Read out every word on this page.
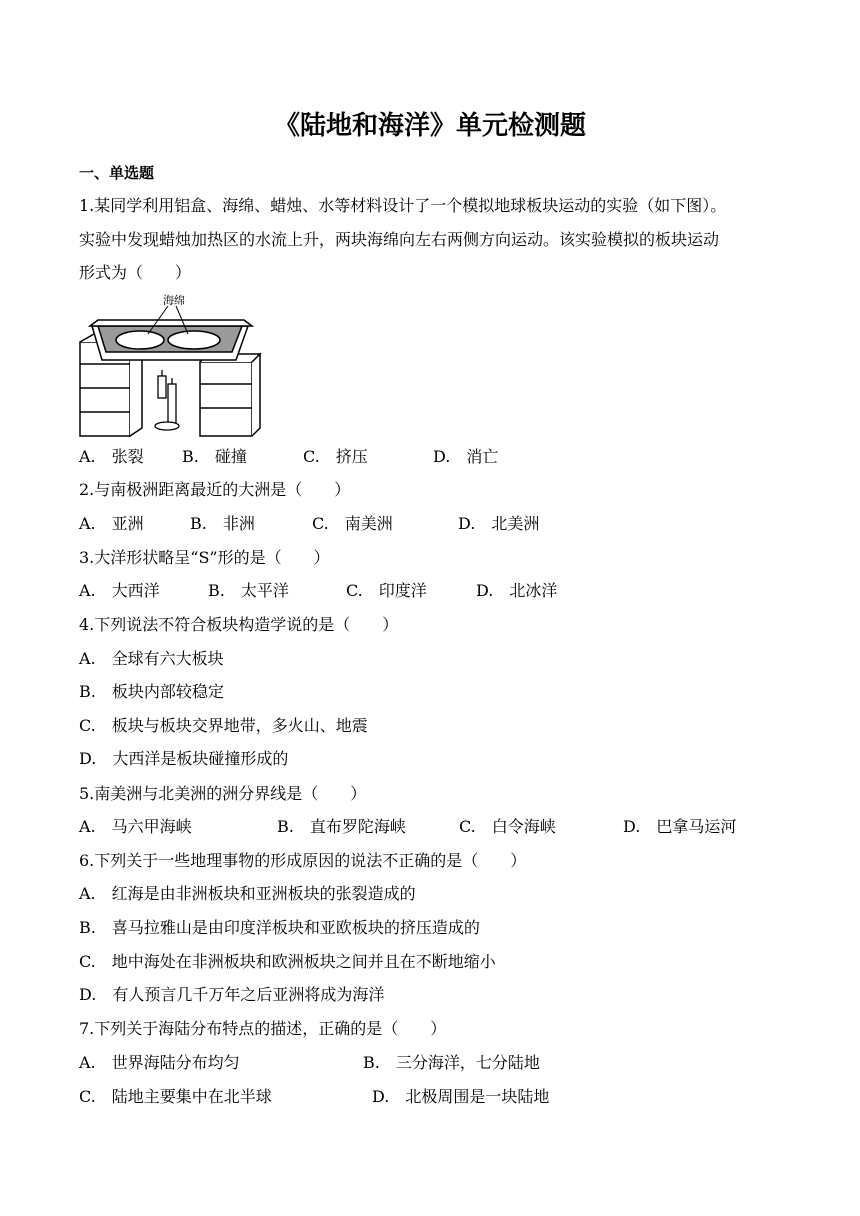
《陆地和海洋》单元检测题
一、单选题
1.某同学利用铝盒、海绵、蜡烛、水等材料设计了一个模拟地球板块运动的实验（如下图）。
实验中发现蜡烛加热区的水流上升，两块海绵向左右两侧方向运动。该实验模拟的板块运动
形式为（　　）
海绵
A.　张裂 B.　碰撞	C.　挤压	D.　消亡
2.与南极洲距离最近的大洲是（　　）
A.　亚洲	B.　非洲	C.　南美洲	D.　北美洲
3.大洋形状略呈“S”形的是（　　）
A.　大西洋	B.　太平洋	C.　印度洋	D.　北冰洋
4.下列说法不符合板块构造学说的是（　　）
A.　全球有六大板块
B.　板块内部较稳定
C.　板块与板块交界地带，多火山、地震
D.　大西洋是板块碰撞形成的
5.南美洲与北美洲的洲分界线是（　　）
A.　马六甲海峡	B.　直布罗陀海峡	C.　白令海峡	D.　巴拿马运河
6.下列关于一些地理事物的形成原因的说法不正确的是（　　）
A.　红海是由非洲板块和亚洲板块的张裂造成的
B.　喜马拉雅山是由印度洋板块和亚欧板块的挤压造成的
C.　地中海处在非洲板块和欧洲板块之间并且在不断地缩小
D.　有人预言几千万年之后亚洲将成为海洋
7.下列关于海陆分布特点的描述，正确的是（　　）
A.　世界海陆分布均匀	B.　三分海洋，七分陆地
C.　陆地主要集中在北半球	D.　北极周围是一块陆地
